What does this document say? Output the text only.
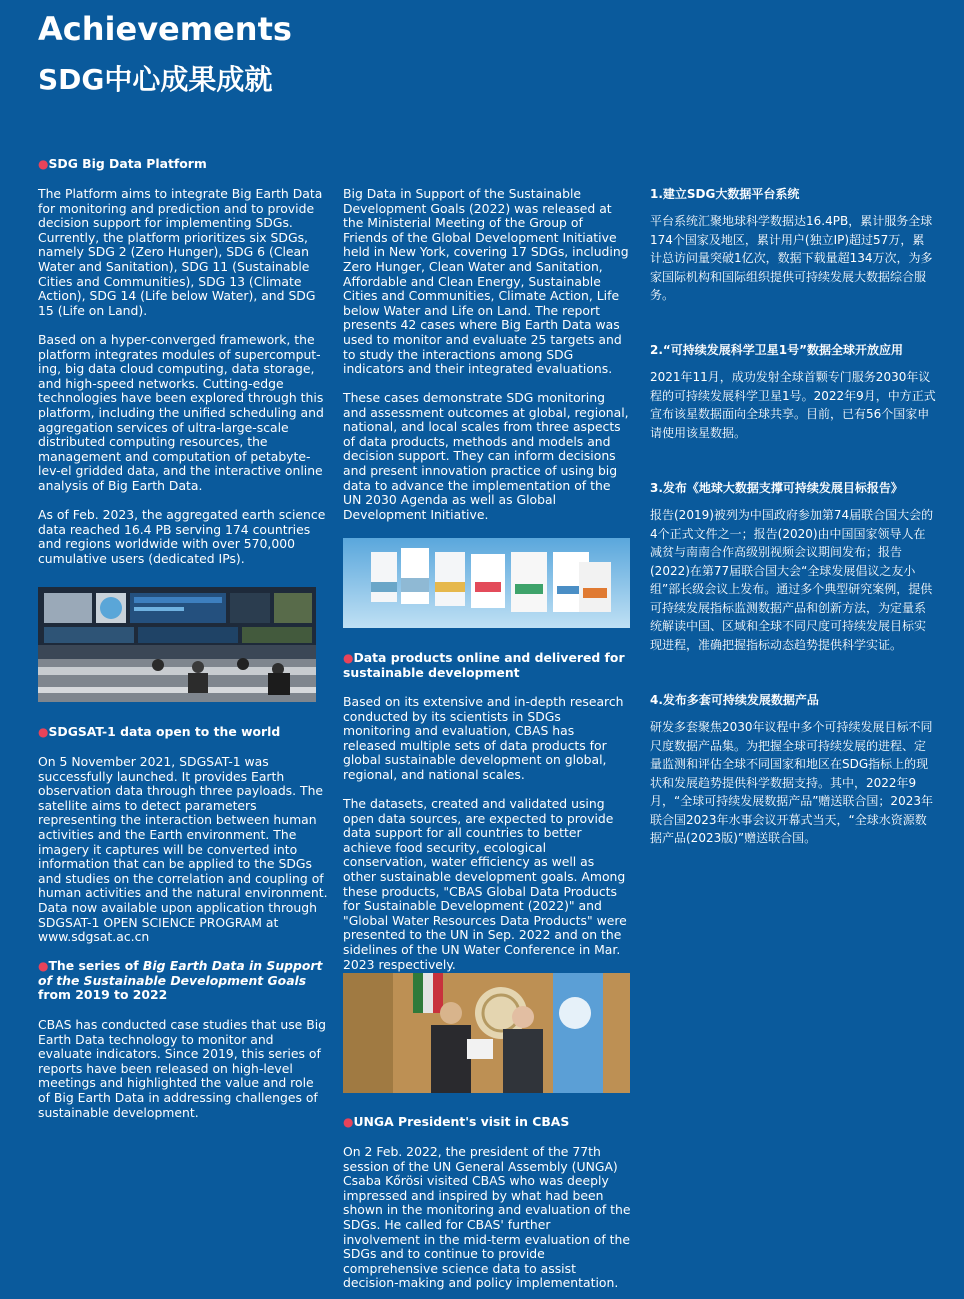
Achievements
SDG中心成果成就
●SDG Big Data Platform

The Platform aims to integrate Big Earth Data for monitoring and prediction and to provide decision support for implementing SDGs. Currently, the platform prioritizes six SDGs, namely SDG 2 (Zero Hunger), SDG 6 (Clean Water and Sanitation), SDG 11 (Sustainable Cities and Communities), SDG 13 (Climate Action), SDG 14 (Life below Water), and SDG 15 (Life on Land).

Based on a hyper-converged framework, the platform integrates modules of supercomput-ing, big data cloud computing, data storage, and high-speed networks. Cutting-edge technologies have been explored through this platform, including the unified scheduling and aggregation services of ultra-large-scale distributed computing resources, the management and computation of petabyte-lev-el gridded data, and the interactive online analysis of Big Earth Data.

As of Feb. 2023, the aggregated earth science data reached 16.4 PB serving 174 countries and regions worldwide with over 570,000 cumulative users (dedicated IPs).

●SDGSAT-1 data open to the world

On 5 November 2021, SDGSAT-1 was successfully launched. It provides Earth observation data through three payloads. The satellite aims to detect parameters representing the interaction between human activities and the Earth environment. The imagery it captures will be converted into information that can be applied to the SDGs and studies on the correlation and coupling of human activities and the natural environment.

Data now available upon application through SDGSAT-1 OPEN SCIENCE PROGRAM at www.sdgsat.ac.cn

●The series of Big Earth Data in Support of the Sustainable Development Goals from 2019 to 2022

CBAS has conducted case studies that use Big Earth Data technology to monitor and evaluate indicators. Since 2019, this series of reports have been released on high-level meetings and highlighted the value and role of Big Earth Data in addressing challenges of sustainable development.

Big Data in Support of the Sustainable Development Goals (2022) was released at the Ministerial Meeting of the Group of Friends of the Global Development Initiative held in New York, covering 17 SDGs, including Zero Hunger, Clean Water and Sanitation, Affordable and Clean Energy, Sustainable Cities and Communities, Climate Action, Life below Water and Life on Land. The report presents 42 cases where Big Earth Data was used to monitor and evaluate 25 targets and to study the interactions among SDG indicators and their integrated evaluations.

These cases demonstrate SDG monitoring and assessment outcomes at global, regional, national, and local scales from three aspects of data products, methods and models and decision support. They can inform decisions and present innovation practice of using big data to advance the implementation of the UN 2030 Agenda as well as Global Development Initiative.

●Data products online and delivered for sustainable development

Based on its extensive and in-depth research conducted by its scientists in SDGs monitoring and evaluation, CBAS has released multiple sets of data products for global sustainable development on global, regional, and national scales.

The datasets, created and validated using open data sources, are expected to provide data support for all countries to better achieve food security, ecological conservation, water efficiency as well as other sustainable development goals. Among these products, "CBAS Global Data Products for Sustainable Development (2022)" and "Global Water Resources Data Products" were presented to the UN in Sep. 2022 and on the sidelines of the UN Water Conference in Mar. 2023 respectively.

●UNGA President's visit in CBAS

On 2 Feb. 2022, the president of the 77th session of the UN General Assembly (UNGA) Csaba Kőrösi visited CBAS who was deeply impressed and inspired by what had been shown in the monitoring and evaluation of the SDGs. He called for CBAS' further involvement in the mid-term evaluation of the SDGs and to continue to provide comprehensive science data to assist decision-making and policy implementation.

1.建立SDG大数据平台系统

平台系统汇聚地球科学数据达16.4PB，累计服务全球174个国家及地区，累计用户(独立IP)超过57万，累计总访问量突破1亿次，数据下载量超134万次，为多家国际机构和国际组织提供可持续发展大数据综合服务。

2.“可持续发展科学卫星1号”数据全球开放应用

2021年11月，成功发射全球首颗专门服务2030年议程的可持续发展科学卫星1号。2022年9月，中方正式宣布该星数据面向全球共享。目前，已有56个国家申请使用该星数据。

3.发布《地球大数据支撑可持续发展目标报告》

报告(2019)被列为中国政府参加第74届联合国大会的4个正式文件之一；报告(2020)由中国国家领导人在减贫与南南合作高级别视频会议期间发布；报告(2022)在第77届联合国大会“全球发展倡议之友小组”部长级会议上发布。通过多个典型研究案例，提供可持续发展指标监测数据产品和创新方法，为定量系统解读中国、区域和全球不同尺度可持续发展目标实现进程，准确把握指标动态趋势提供科学实证。

4.发布多套可持续发展数据产品

研发多套聚焦2030年议程中多个可持续发展目标不同尺度数据产品集。为把握全球可持续发展的进程、定量监测和评估全球不同国家和地区在SDG指标上的现状和发展趋势提供科学数据支持。其中，2022年9月，“全球可持续发展数据产品”赠送联合国；2023年联合国2023年水事会议开幕式当天，“全球水资源数据产品(2023版)”赠送联合国。
